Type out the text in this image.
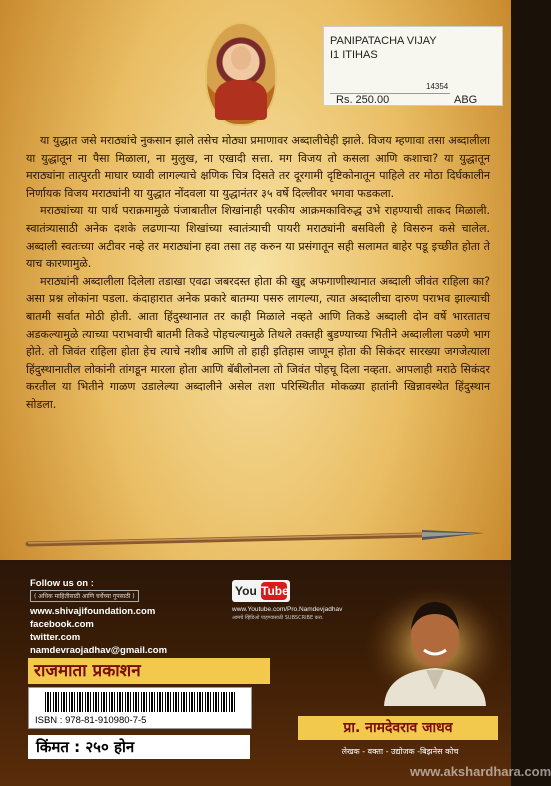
PANIPATACHA VIJAY
I1 ITIHAS
14354
Rs. 250.00	ABG

या युद्धात जसे मराठ्यांचे नुकसान झाले तसेच मोठ्या प्रमाणावर अब्दालीचेही झाले. विजय म्हणावा तसा अब्दालीला या युद्धातून ना पैसा मिळाला, ना मुलुख, ना एखादी सत्ता. मग विजय तो कसला आणि कशाचा? या युद्धातून मराठ्यांना तात्पुरती माघार घ्यावी लागल्याचे क्षणिक चित्र दिसते तर दूरगामी दृष्टिकोनातून पाहिले तर मोठा दिर्घकालीन निर्णायक विजय मराठ्यांनी या युद्धात नोंदवला या युद्धानंतर ३५ वर्षे दिल्लीवर भगवा फडकला.

मराठ्यांच्या या पार्थ पराक्रमामुळे पंजाबातील शिखांनाही परकीय आक्रमकाविरुद्ध उभे राहण्याची ताकद मिळाली. स्वातंत्र्यासाठी अनेक दशके लढणाऱ्या शिखांच्या स्वातंत्र्याची पायरी मराठ्यांनी बसविली हे विसरुन कसे चालेल. अब्दाली स्वतःच्या अटीवर नव्हे तर मराठ्यांना हवा तसा तह करुन या प्रसंगातून सही सलामत बाहेर पडू इच्छीत होता ते याच कारणामुळे.

मराठ्यांनी अब्दालीला दिलेला तडाखा एवढा जबरदस्त होता की खुद्द अफगाणीस्थानात अब्दाली जीवंत राहिला का? असा प्रश्न लोकांना पडला. कंदाहारात अनेक प्रकारे बातम्या पसरु लागल्या, त्यात अब्दालीचा दारुण पराभव झाल्याची बातमी सर्वात मोठी होती. आता हिंदुस्थानात तर काही मिळाले नव्हते आणि तिकडे अब्दाली दोन वर्षे भारतातच अडकल्यामुळे त्याच्या पराभवाची बातमी तिकडे पोहचल्यामुळे तिथले तक्तही बुडण्याच्या भितीने अब्दालीला पळणे भाग होते. तो जिवंत राहिला होता हेच त्याचे नशीब आणि तो हाही इतिहास जाणून होता की सिकंदर सारख्या जगजेत्याला हिंदुस्थानातील लोकांनी तांगडून मारला होता आणि बॅबीलोनला तो जिवंत पोहचू दिला नव्हता. आपलाही मराठे सिकंदर करतील या भितीने गाळण उडालेल्या अब्दालीने असेल तशा परिस्थितीत मोकळ्या हातांनी खिन्नावस्थेत हिंदुस्थान सोडला.

Follow us on :
( अधिक माहितीसाठी आणि चर्चेच्या गुपसाठी )
www.shivajifoundation.com
facebook.com
twitter.com
namdevraojadhav@gmail.com
You Tube
www.Youtube.com/Pro.Namdevjadhav
आमचे व्हिडिओ पाहण्यासाठी SUBSCRIBE करा.
राजमाता प्रकाशन
ISBN : 978-81-910980-7-5
किंमत : २५० होन
प्रा. नामदेवराव जाधव
लेखक - वक्ता - उद्योजक -बिझनेस कोच
www.akshardhara.com
